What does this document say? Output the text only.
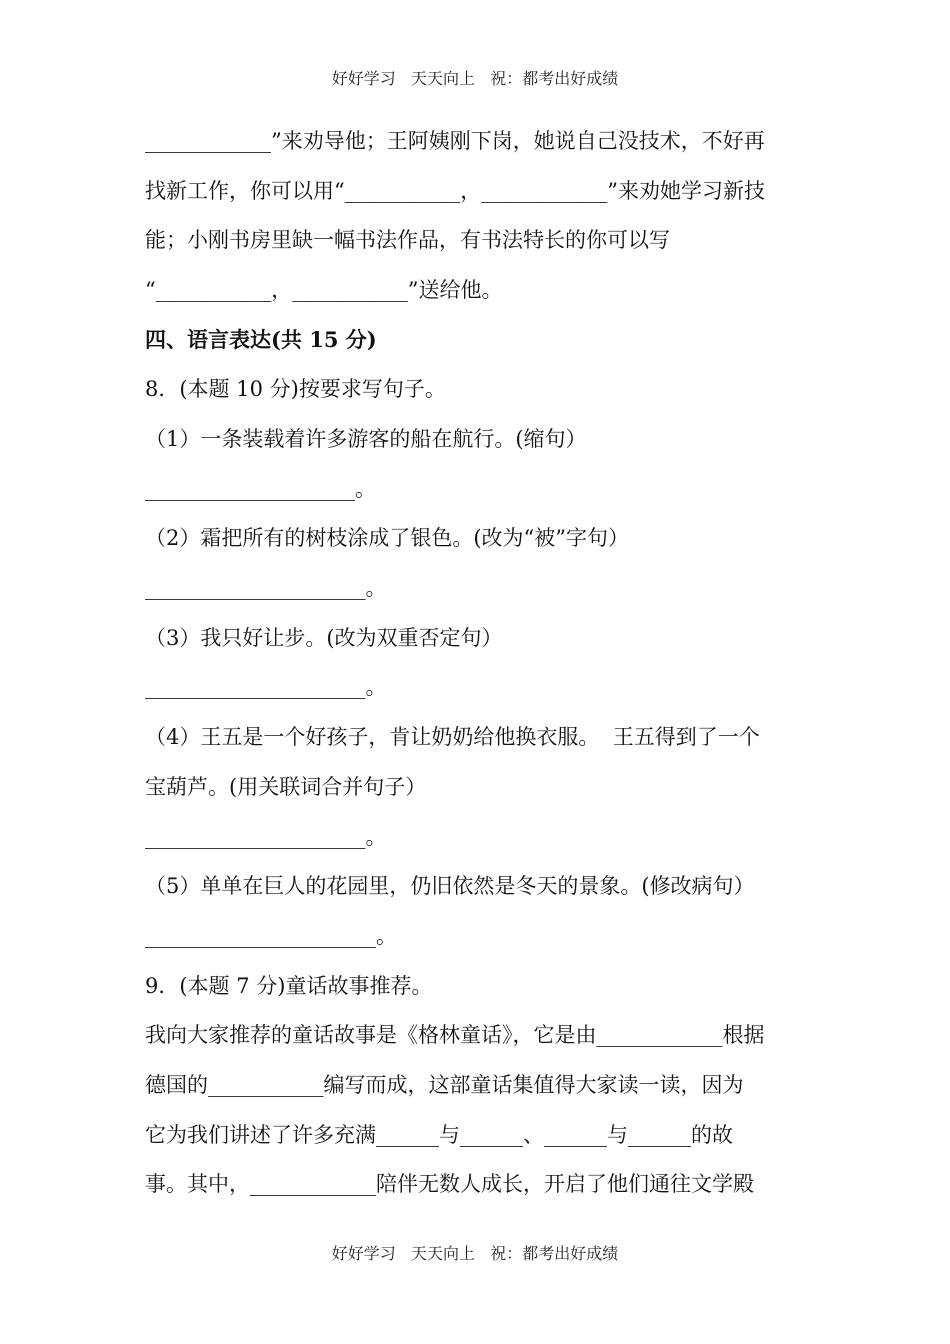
好好学习   天天向上   祝：都考出好成绩
____________”来劝导他；王阿姨刚下岗，她说自己没技术，不好再
找新工作，你可以用“___________，____________”来劝她学习新技
能；小刚书房里缺一幅书法作品，有书法特长的你可以写
“___________，___________”送给他。
四、语言表达(共 15 分)
8．(本题 10 分)按要求写句子。
（1）一条装载着许多游客的船在航行。(缩句）
____________________。
（2）霜把所有的树枝涂成了银色。(改为“被”字句）
_____________________。
（3）我只好让步。(改为双重否定句）
_____________________。
（4）王五是一个好孩子，肯让奶奶给他换衣服。  王五得到了一个
宝葫芦。(用关联词合并句子）
_____________________。
（5）单单在巨人的花园里，仍旧依然是冬天的景象。(修改病句）
______________________。
9．(本题 7 分)童话故事推荐。
我向大家推荐的童话故事是《格林童话》，它是由____________根据
德国的___________编写而成，这部童话集值得大家读一读，因为
它为我们讲述了许多充满______与______、______与______的故
事。其中，____________陪伴无数人成长，开启了他们通往文学殿
好好学习   天天向上   祝：都考出好成绩
